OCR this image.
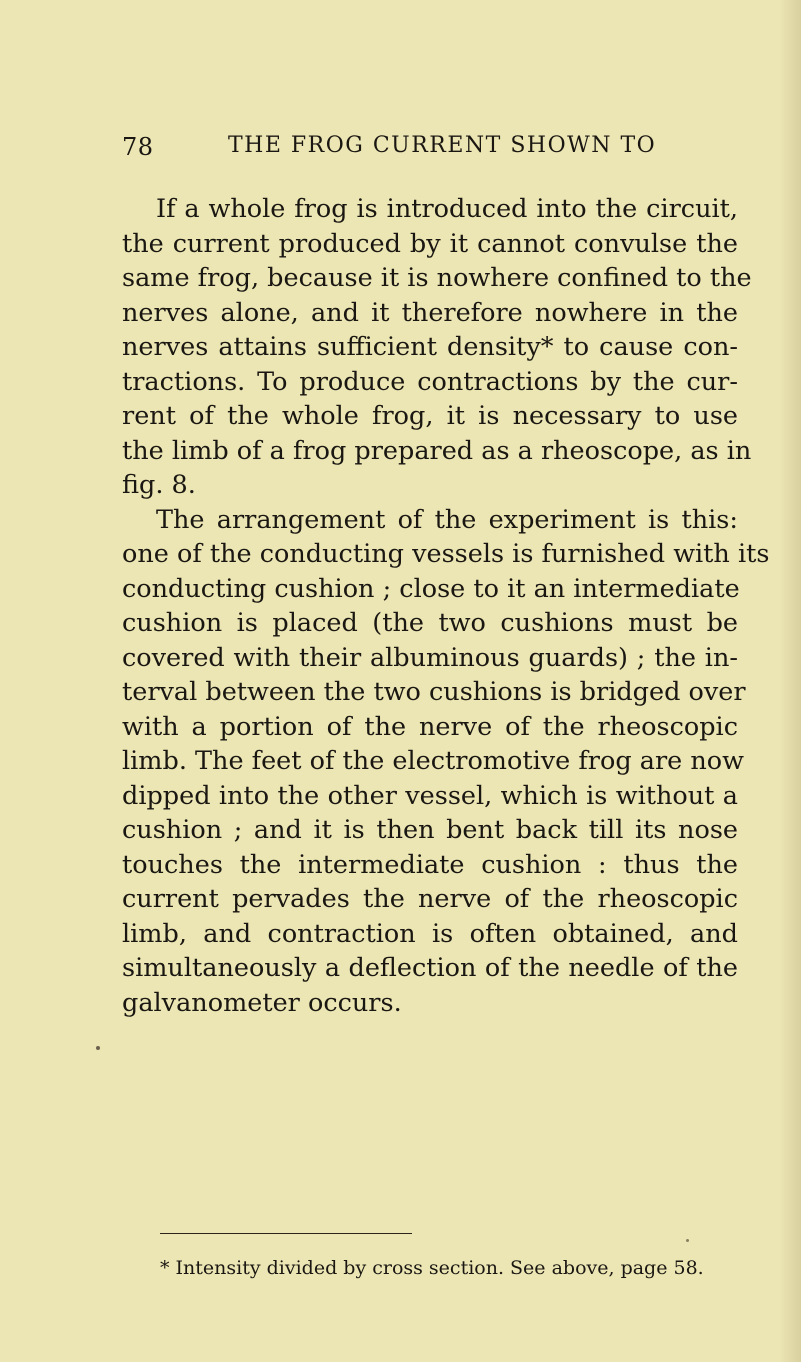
78	THE FROG CURRENT SHOWN TO
If a whole frog is introduced into the circuit,
the current produced by it cannot convulse the
same frog, because it is nowhere confined to the
nerves alone, and it therefore nowhere in the
nerves attains sufficient density* to cause con-
tractions. To produce contractions by the cur-
rent of the whole frog, it is necessary to use
the limb of a frog prepared as a rheoscope, as in
fig. 8.
The arrangement of the experiment is this:
one of the conducting vessels is furnished with its
conducting cushion ; close to it an intermediate
cushion is placed (the two cushions must be
covered with their albuminous guards) ; the in-
terval between the two cushions is bridged over
with a portion of the nerve of the rheoscopic
limb. The feet of the electromotive frog are now
dipped into the other vessel, which is without a
cushion ; and it is then bent back till its nose
touches the intermediate cushion : thus the
current pervades the nerve of the rheoscopic
limb, and contraction is often obtained, and
simultaneously a deflection of the needle of the
galvanometer occurs.
* Intensity divided by cross section. See above, page 58.
